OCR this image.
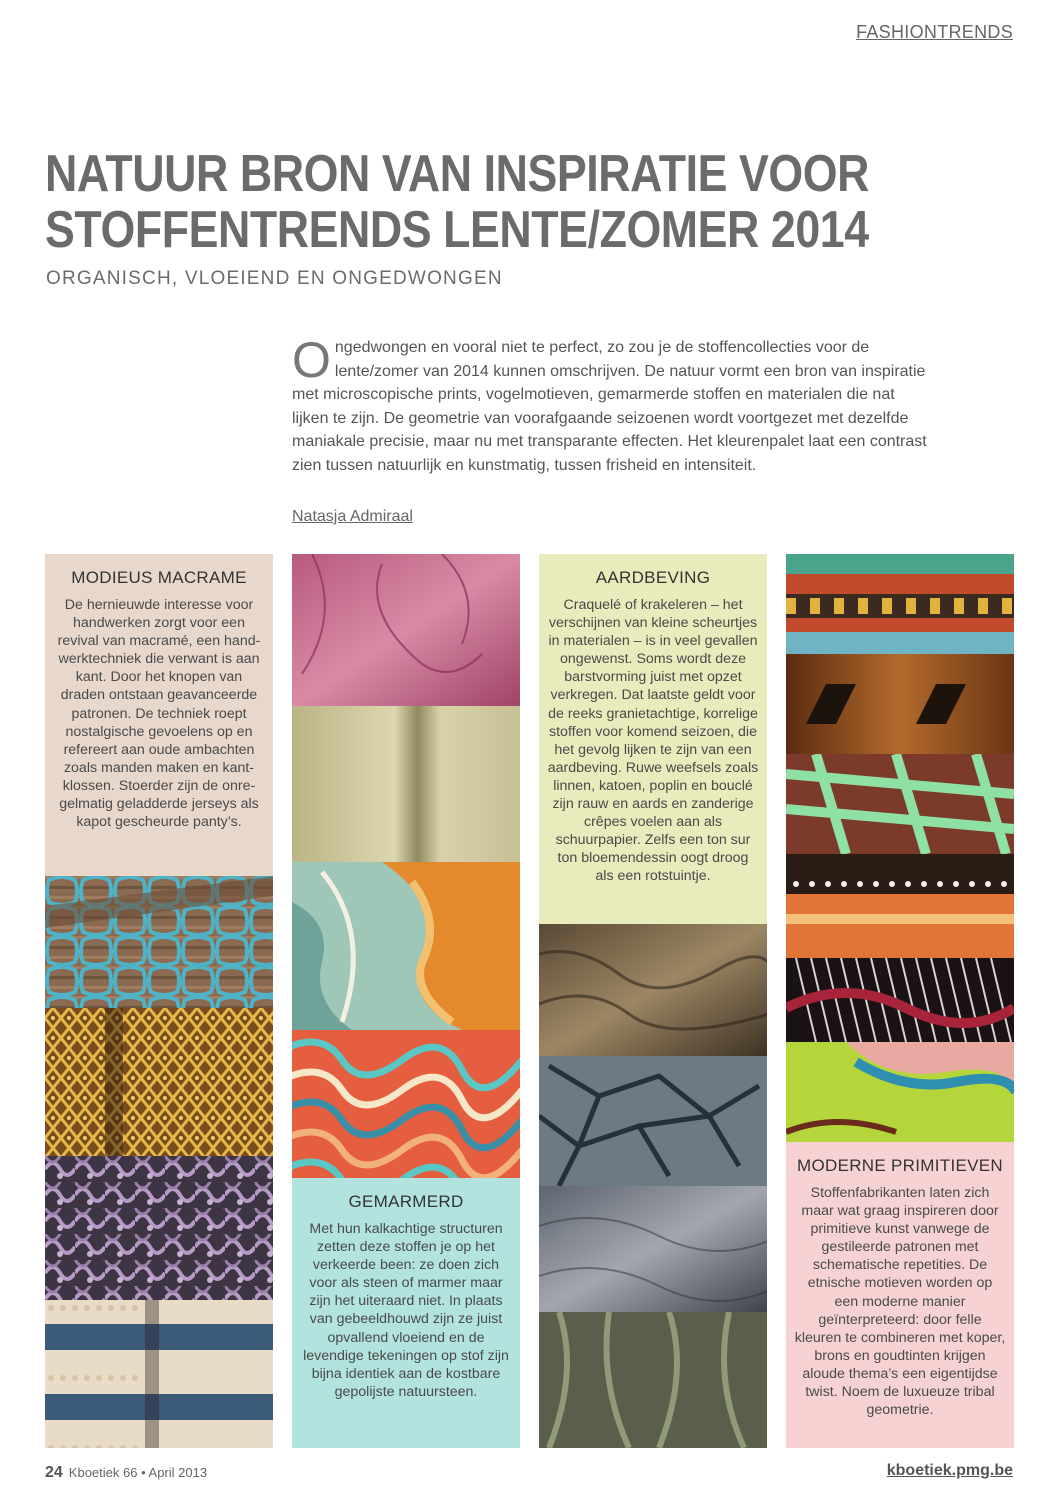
FASHIONTRENDS
NATUUR BRON VAN INSPIRATIE VOOR
STOFFENTRENDS LENTE/ZOMER 2014
ORGANISCH, VLOEIEND EN ONGEDWONGEN
Ongedwongen en vooral niet te perfect, zo zou je de stoffencollecties voor de lente/zomer van 2014 kunnen omschrijven. De natuur vormt een bron van inspiratie met microscopische prints, vogelmotieven, gemarmerde stoffen en materialen die nat lijken te zijn. De geometrie van voorafgaande seizoenen wordt voortgezet met dezelfde maniakale precisie, maar nu met transparante effecten. Het kleurenpalet laat een contrast zien tussen natuurlijk en kunstmatig, tussen frisheid en intensiteit.
Natasja Admiraal
MODIEUS MACRAME

De hernieuwde interesse voor handwerken zorgt voor een revival van macramé, een handwerktechniek die verwant is aan kant. Door het knopen van draden ontstaan geavanceerde patronen. De techniek roept nostalgische gevoelens op en refereert aan oude ambachten zoals manden maken en kantklossen. Stoerder zijn de onregelmatig geladderde jerseys als kapot gescheurde panty’s.

GEMARMERD

Met hun kalkachtige structuren zetten deze stoffen je op het verkeerde been: ze doen zich voor als steen of marmer maar zijn het uiteraard niet. In plaats van gebeeldhouwd zijn ze juist opvallend vloeiend en de levendige tekeningen op stof zijn bijna identiek aan de kostbare gepolijste natuursteen.

AARDBEVING

Craquelé of krakeleren – het verschijnen van kleine scheurtjes in materialen – is in veel gevallen ongewenst. Soms wordt deze barstvorming juist met opzet verkregen. Dat laatste geldt voor de reeks granietachtige, korrelige stoffen voor komend seizoen, die het gevolg lijken te zijn van een aardbeving. Ruwe weefsels zoals linnen, katoen, poplin en bouclé zijn rauw en aards en zanderige crêpes voelen aan als schuurpapier. Zelfs een ton sur ton bloemendessin oogt droog als een rotstuintje.

MODERNE PRIMITIEVEN

Stoffenfabrikanten laten zich maar wat graag inspireren door primitieve kunst vanwege de gestileerde patronen met schematische repetities. De etnische motieven worden op een moderne manier geïnterpreteerd: door felle kleuren te combineren met koper, brons en goudtinten krijgen aloude thema’s een eigentijdse twist. Noem de luxueuze tribal geometrie.

24 Kboetiek 66 • April 2013	kboetiek.pmg.be
